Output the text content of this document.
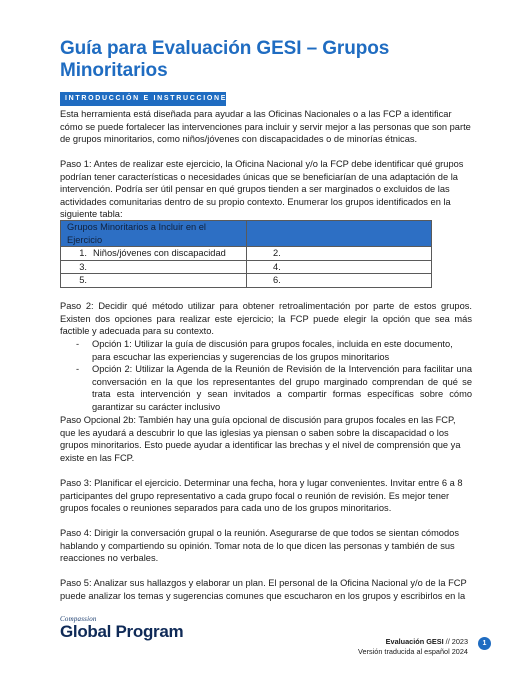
Guía para Evaluación GESI – Grupos Minoritarios
INTRODUCCIÓN E INSTRUCCIONES

Esta herramienta está diseñada para ayudar a las Oficinas Nacionales o a las FCP a identificar cómo se puede fortalecer las intervenciones para incluir y servir mejor a las personas que son parte de grupos minoritarios, como niños/jóvenes con discapacidades o de minorías étnicas.

Paso 1: Antes de realizar este ejercicio, la Oficina Nacional y/o la FCP debe identificar qué grupos podrían tener características o necesidades únicas que se beneficiarían de una adaptación de la intervención. Podría ser útil pensar en qué grupos tienden a ser marginados o excluidos de las actividades comunitarias dentro de su propio contexto. Enumerar los grupos identificados en la siguiente tabla:

Grupos Minoritarios a Incluir en el Ejercicio	
1. Niños/jóvenes con discapacidad	2.
3.	4.
5.	6.

Paso 2: Decidir qué método utilizar para obtener retroalimentación por parte de estos grupos. Existen dos opciones para realizar este ejercicio; la FCP puede elegir la opción que sea más factible y adecuada para su contexto.

- Opción 1: Utilizar la guía de discusión para grupos focales, incluida en este documento, para escuchar las experiencias y sugerencias de los grupos minoritarios
- Opción 2: Utilizar la Agenda de la Reunión de Revisión de la Intervención para facilitar una conversación en la que los representantes del grupo marginado comprendan de qué se trata esta intervención y sean invitados a compartir formas específicas sobre cómo garantizar su carácter inclusivo

Paso Opcional 2b: También hay una guía opcional de discusión para grupos focales en las FCP, que les ayudará a descubrir lo que las iglesias ya piensan o saben sobre la discapacidad o los grupos minoritarios. Esto puede ayudar a identificar las brechas y el nivel de comprensión que ya existe en las FCP.

Paso 3: Planificar el ejercicio. Determinar una fecha, hora y lugar convenientes. Invitar entre 6 a 8 participantes del grupo representativo a cada grupo focal o reunión de revisión. Es mejor tener grupos focales o reuniones separados para cada uno de los grupos minoritarios.

Paso 4: Dirigir la conversación grupal o la reunión. Asegurarse de que todos se sientan cómodos hablando y compartiendo su opinión. Tomar nota de lo que dicen las personas y también de sus reacciones no verbales.

Paso 5: Analizar sus hallazgos y elaborar un plan. El personal de la Oficina Nacional y/o de la FCP puede analizar los temas y sugerencias comunes que escucharon en los grupos y escribirlos en la

Compassion
Global Program
Evaluación GESI // 2023
Versión traducida al español 2024
1
